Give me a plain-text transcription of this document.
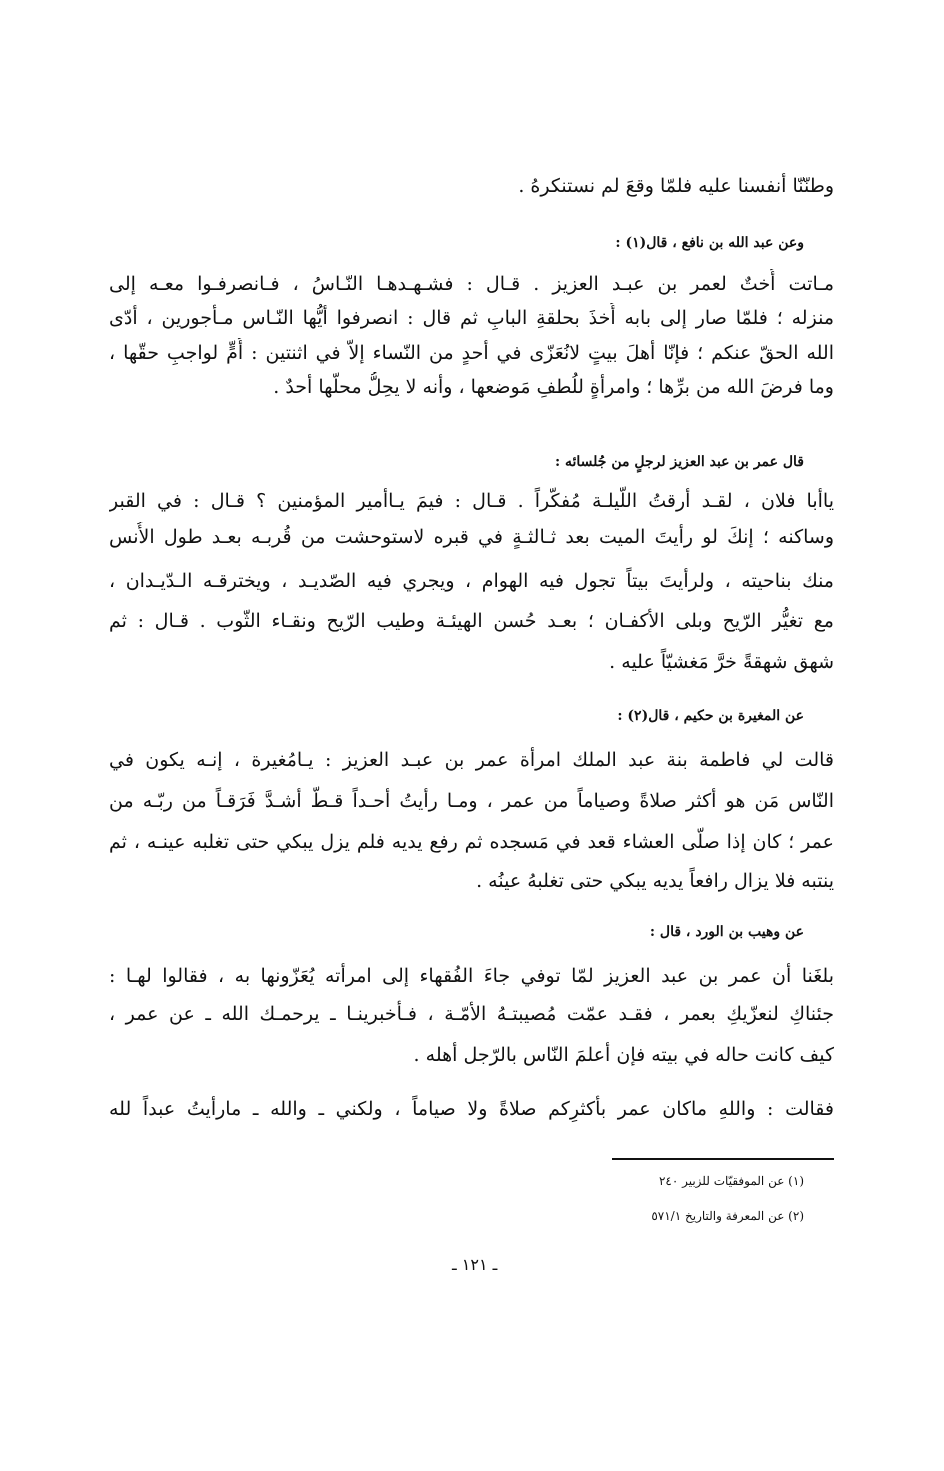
وطنّنّا أنفسنا عليه فلمّا وقعَ لم نستنكرهُ .
وعن عبد الله بن نافع ، قال(١) :
مـاتت أُختٌ لعمر بن عبـد العزيز . قـال : فشـهـدهـا النّـاسُ ، فـانصرفـوا معـه إلى
منزله ؛ فلمّا صار إلى بابه أُخذَ بحلقةِ البابِ ثم قال : انصرفوا أيُّها النّـاس مـأجورين ، أدّى
الله الحقّ عنكم ؛ فإنّا أهلَ بيتٍ لانُعَزّى في أحدٍ من النّساء إلاّ في اثنتين : أُمٍّ لواجبِ حقّها ،
وما فرضَ الله من برِّها ؛ وامرأةٍ للُطفِ مَوضعها ، وأنه لا يحِلُّ محلّها أحدٌ .
قال عمر بن عبد العزيز لرجلٍ من جُلسائه :
ياأبا فلان ، لقـد أرقتُ اللّيلـة مُفكّراً . قـال : فيمَ يـاأمير المؤمنين ؟ قـال : في القبر
وساكنه ؛ إنكَ لو رأيتَ الميت بعد ثـالثـةٍ في قبره لاستوحشت من قُربـه بعـد طول الأُنس
منك بناحيته ، ولرأيتَ بيتاً تجول فيه الهوام ، ويجري فيه الصّديـد ، ويخترقـه الـدّيـدان ،
مع تغيُّر الرّيح وبلى الأكفـان ؛ بعـد حُسن الهيئـة وطيب الرّيح ونقـاء الثّوب . قـال : ثم
شهق شهقةً خرَّ مَغشيّاً عليه .
عن المغيرة بن حكيم ، قال(٢) :
قالت لي فاطمة بنة عبد الملك امرأة عمر بن عبـد العزيز : يـامُغيرة ، إنـه يكون في
النّاس مَن هو أكثر صلاةً وصياماً من عمر ، ومـا رأيتُ أحـداً قـطّ أشـدَّ فَرَقـاً من ربّـه من
عمر ؛ كان إذا صلّى العشاء قعد في مَسجده ثم رفع يديه فلم يزل يبكي حتى تغلبه عينـه ، ثم
ينتبه فلا يزال رافعاً يديه يبكي حتى تغلبهُ عينُه .
عن وهيب بن الورد ، قال :
بلغَنا أن عمر بن عبد العزيز لمّا توفي جاءَ الفُقهاء إلى امرأته يُعَزّونها به ، فقالوا لهـا :
جئناكِ لنعزّيكِ بعمر ، فقـد عمّت مُصيبتـهُ الأمّـة ، فـأخبرينـا ـ يرحمـك الله ـ عن عمر ،
كيف كانت حاله في بيته فإن أعلمَ النّاس بالرّجل أهله .
فقالت : واللهِ ماكان عمر بأكثرِكم صلاةً ولا صياماً ، ولكني ـ والله ـ مارأيتُ عبداً لله
(١) عن الموفقيّات للزبير ٢٤٠
(٢) عن المعرفة والتاريخ ٥٧١/١
ـ ١٢١ ـ
